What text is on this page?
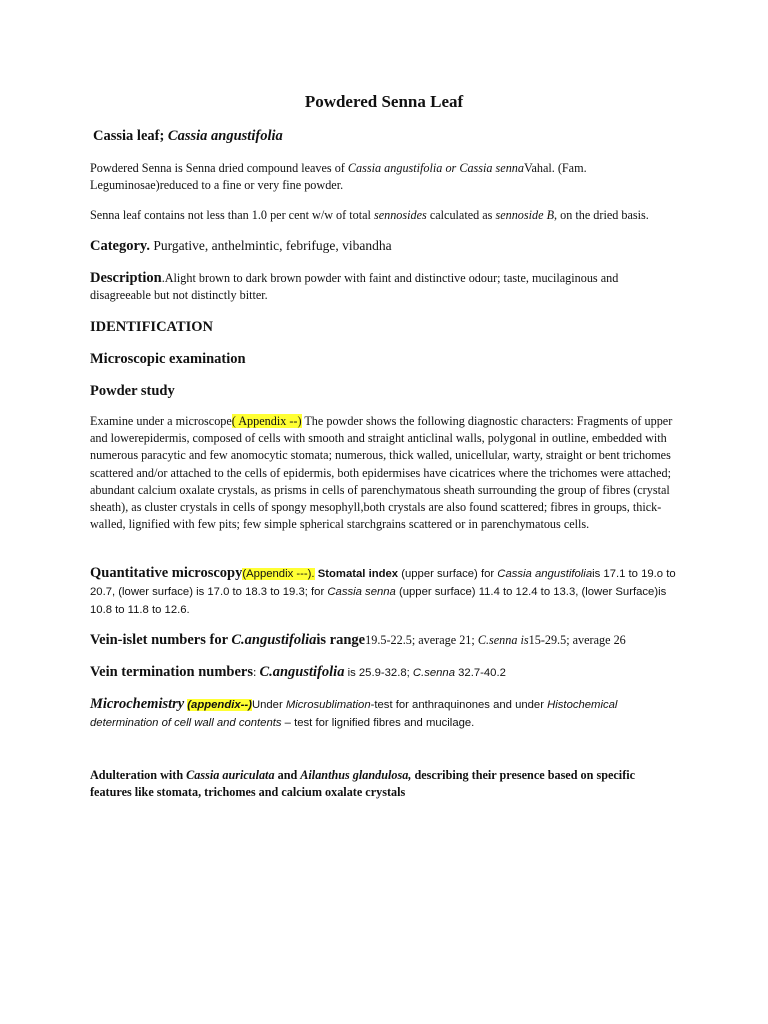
Powdered Senna Leaf

Cassia leaf; Cassia angustifolia

Powdered Senna is Senna dried compound leaves of Cassia angustifolia or Cassia sennaVahal. (Fam. Leguminosae)reduced to a fine or very fine powder.

Senna leaf contains not less than 1.0 per cent w/w of total sennosides calculated as sennoside B, on the dried basis.

Category. Purgative, anthelmintic, febrifuge, vibandha

Description.Alight brown to dark brown powder with faint and distinctive odour; taste, mucilaginous and disagreeable but not distinctly bitter.

IDENTIFICATION
Microscopic examination
Powder study

Examine under a microscope( Appendix --) The powder shows the following diagnostic characters: Fragments of upper and lowerepidermis, composed of cells with smooth and straight anticlinal walls, polygonal in outline, embedded with numerous paracytic and few anomocytic stomata; numerous, thick walled, unicellular, warty, straight or bent trichomes scattered and/or attached to the cells of epidermis, both epidermises have cicatrices where the trichomes were attached; abundant calcium oxalate crystals, as prisms in cells of parenchymatous sheath surrounding the group of fibres (crystal sheath), as cluster crystals in cells of spongy mesophyll,both crystals are also found scattered; fibres in groups, thick-walled, lignified with few pits; few simple spherical starchgrains scattered or in parenchymatous cells.

Quantitative microscopy(Appendix ---). Stomatal index (upper surface) for Cassia angustifoliais 17.1 to 19.o to 20.7, (lower surface) is 17.0 to 18.3 to 19.3; for Cassia senna (upper surface) 11.4 to 12.4 to 13.3, (lower Surface)is 10.8 to 11.8 to 12.6.

Vein-islet numbers for C.angustifoliais range19.5-22.5; average 21; C.senna is15-29.5; average 26

Vein termination numbers: C.angustifolia is 25.9-32.8; C.senna 32.7-40.2

Microchemistry (appendix--)Under Microsublimation-test for anthraquinones and under Histochemical determination of cell wall and contents – test for lignified fibres and mucilage.

Adulteration with Cassia auriculata and Ailanthus glandulosa, describing their presence based on specific features like stomata, trichomes and calcium oxalate crystals
